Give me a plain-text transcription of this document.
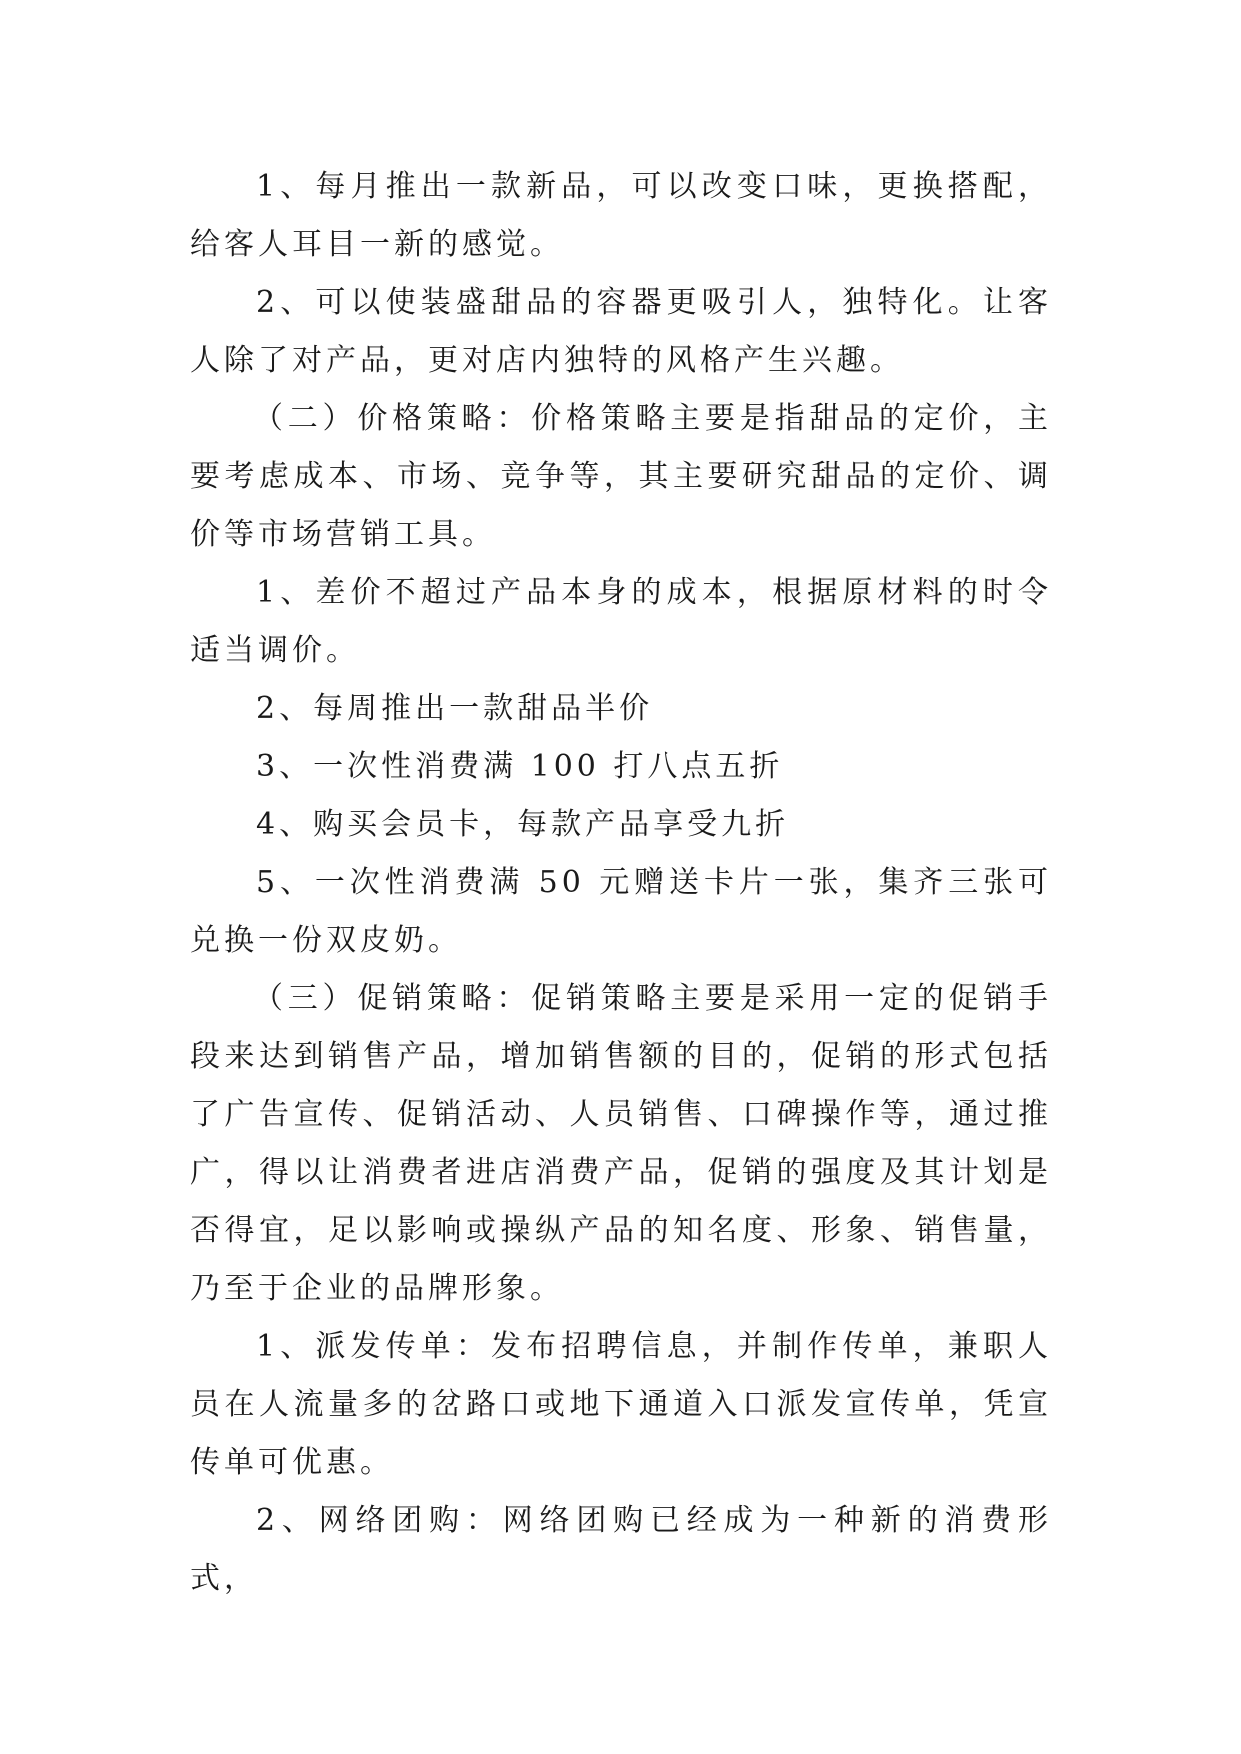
1、每月推出一款新品，可以改变口味，更换搭配，给客人耳目一新的感觉。

2、可以使装盛甜品的容器更吸引人，独特化。让客人除了对产品，更对店内独特的风格产生兴趣。

（二）价格策略：价格策略主要是指甜品的定价，主要考虑成本、市场、竞争等，其主要研究甜品的定价、调价等市场营销工具。

1、差价不超过产品本身的成本，根据原材料的时令适当调价。

2、每周推出一款甜品半价

3、一次性消费满 100 打八点五折

4、购买会员卡，每款产品享受九折

5、一次性消费满 50 元赠送卡片一张，集齐三张可兑换一份双皮奶。

（三）促销策略：促销策略主要是采用一定的促销手段来达到销售产品，增加销售额的目的，促销的形式包括了广告宣传、促销活动、人员销售、口碑操作等，通过推广，得以让消费者进店消费产品，促销的强度及其计划是否得宜，足以影响或操纵产品的知名度、形象、销售量，乃至于企业的品牌形象。

1、派发传单：发布招聘信息，并制作传单，兼职人员在人流量多的岔路口或地下通道入口派发宣传单，凭宣传单可优惠。

2、网络团购：网络团购已经成为一种新的消费形式，
